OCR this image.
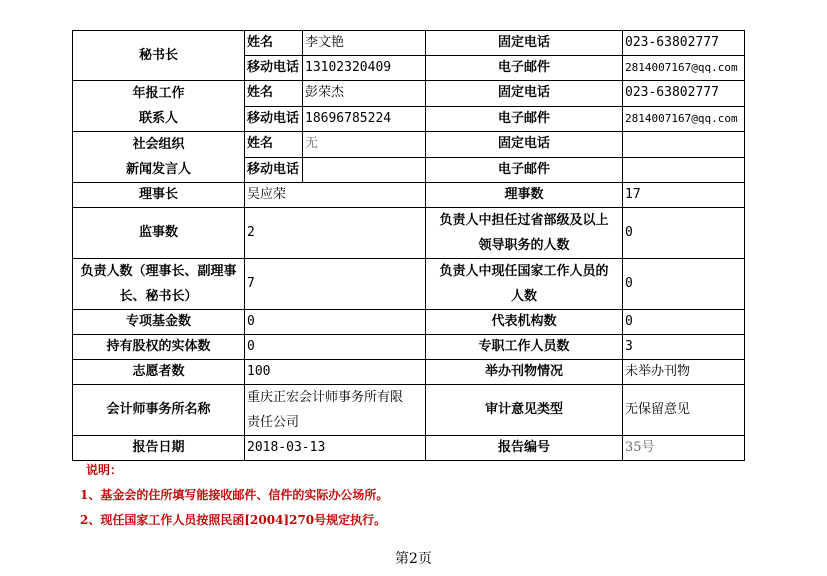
秘书长	姓名	李文艳	固定电话	023-63802777
	移动电话	13102320409	电子邮件	2814007167@qq.com

年报工作
联系人	姓名	彭荣杰	固定电话	023-63802777
	移动电话	18696785224	电子邮件	2814007167@qq.com

社会组织
新闻发言人	姓名	无	固定电话	
	移动电话		电子邮件	
理事长	吴应荣		理事数	17
监事数	2		负责人中担任过省部级及以上
领导职务的人数	0

负责人数（理事长、副理事
长、秘书长）	7		负责人中现任国家工作人员的
人数	0
专项基金数	0		代表机构数	0
持有股权的实体数	0		专职工作人员数	3
志愿者数	100		举办刊物情况	未举办刊物
会计师事务所名称	重庆正宏会计师事务所有限
责任公司		审计意见类型	无保留意见
报告日期	2018-03-13		报告编号	35号
说明：
1、基金会的住所填写能接收邮件、信件的实际办公场所。
2、现任国家工作人员按照民函[2004]270号规定执行。
第2页
